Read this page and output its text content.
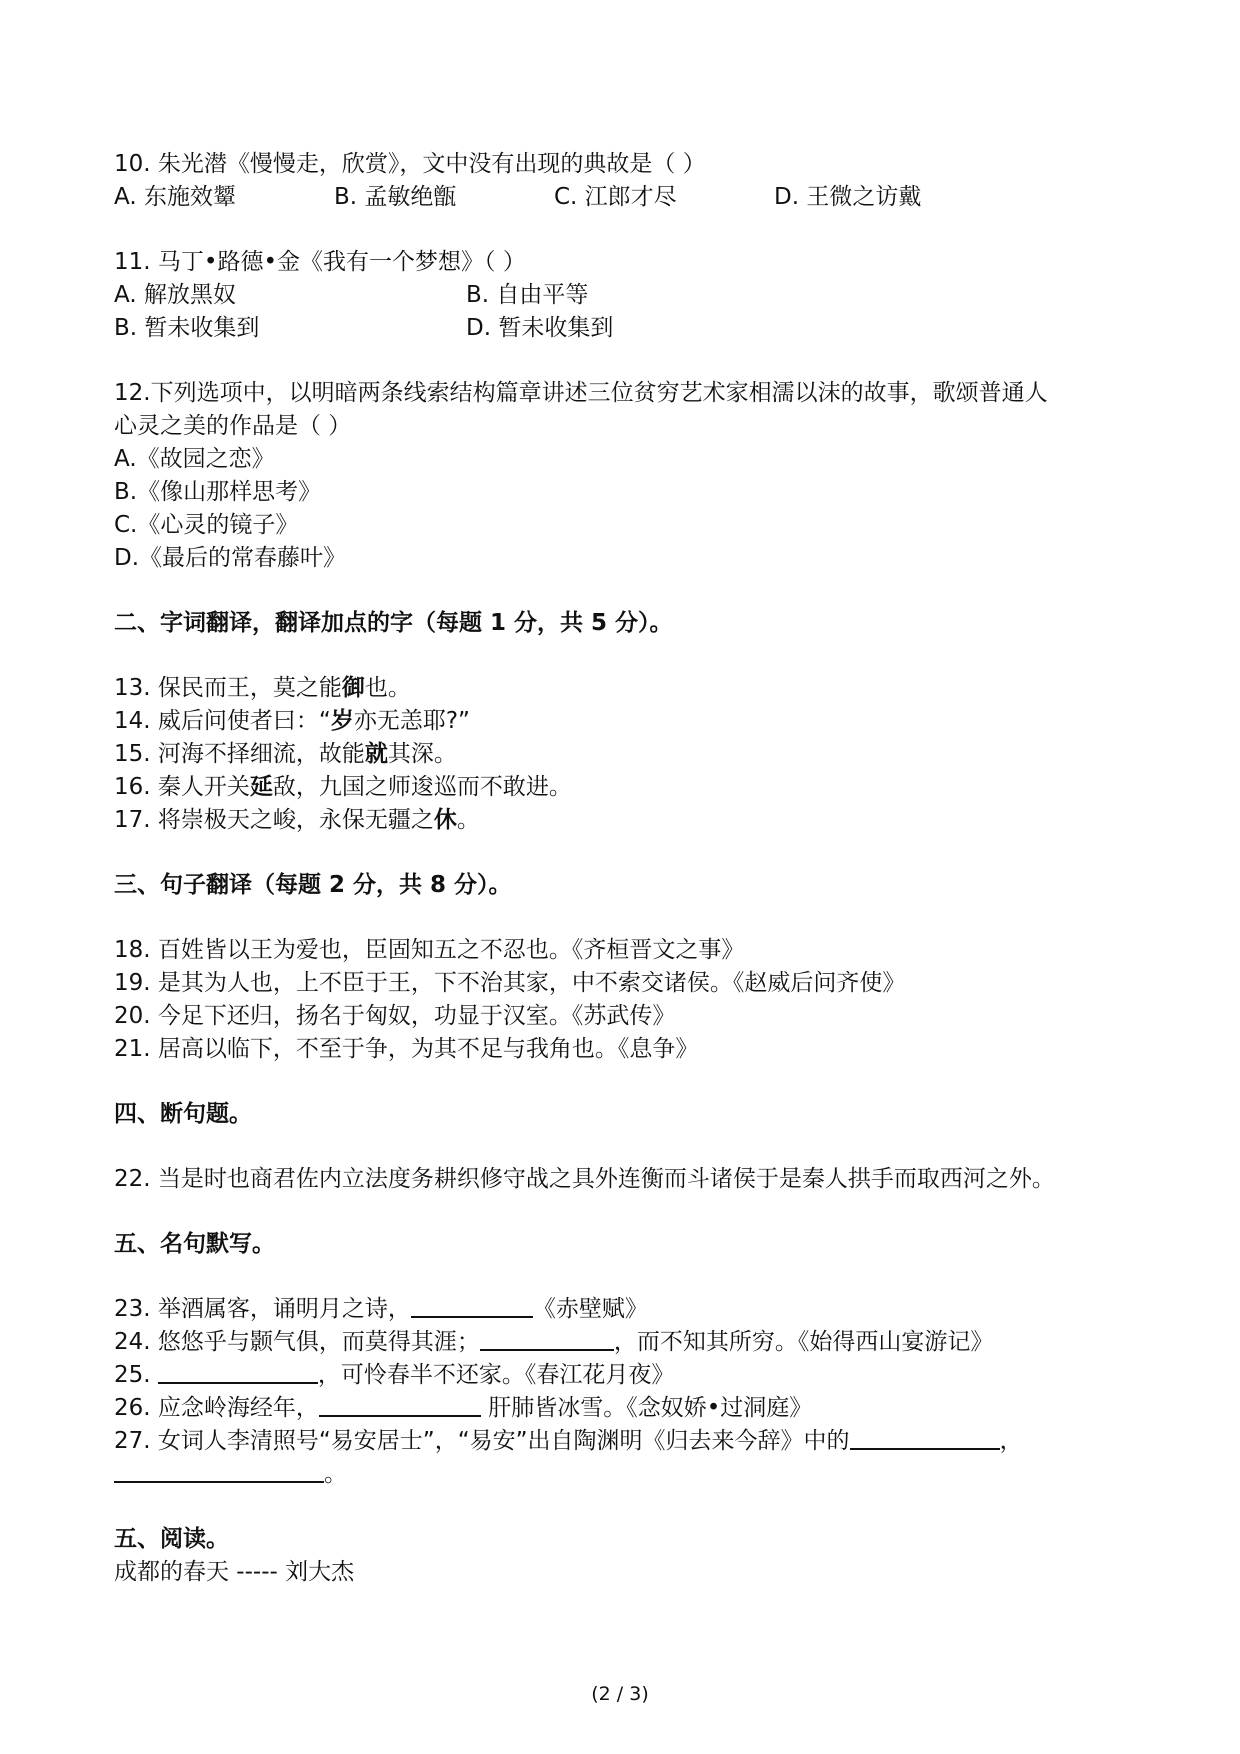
10. 朱光潜《慢慢走，欣赏》，文中没有出现的典故是（ ）
A. 东施效颦	B. 孟敏绝甑	C. 江郎才尽	D. 王微之访戴
11. 马丁•路德•金《我有一个梦想》（ ）
A. 解放黑奴	B. 自由平等
B. 暂未收集到	D. 暂未收集到
12.下列选项中，以明暗两条线索结构篇章讲述三位贫穷艺术家相濡以沫的故事，歌颂普通人
心灵之美的作品是（ ）
A.《故园之恋》
B.《像山那样思考》
C.《心灵的镜子》
D.《最后的常春藤叶》
二、字词翻译，翻译加点的字（每题 1 分，共 5 分）。
13. 保民而王，莫之能御也。
14. 威后问使者曰：“岁亦无恙耶?”
15. 河海不择细流，故能就其深。
16. 秦人开关延敌，九国之师逡巡而不敢进。
17. 将崇极天之峻，永保无疆之休。
三、句子翻译（每题 2 分，共 8 分）。
18. 百姓皆以王为爱也，臣固知五之不忍也。《齐桓晋文之事》
19. 是其为人也，上不臣于王，下不治其家，中不索交诸侯。《赵威后问齐使》
20. 今足下还归，扬名于匈奴，功显于汉室。《苏武传》
21. 居高以临下，不至于争，为其不足与我角也。《息争》
四、断句题。
22. 当是时也商君佐内立法度务耕织修守战之具外连衡而斗诸侯于是秦人拱手而取西河之外。
五、名句默写。
23. 举酒属客，诵明月之诗，	《赤壁赋》
24. 悠悠乎与颢气俱，而莫得其涯；	，而不知其所穷。《始得西山宴游记》
25.	，可怜春半不还家。《春江花月夜》
26. 应念岭海经年，	肝肺皆冰雪。《念奴娇•过洞庭》
27. 女词人李清照号“易安居士”，“易安”出自陶渊明《归去来今辞》中的	，
。
五、阅读。
成都的春天 ----- 刘大杰
(2 / 3)
